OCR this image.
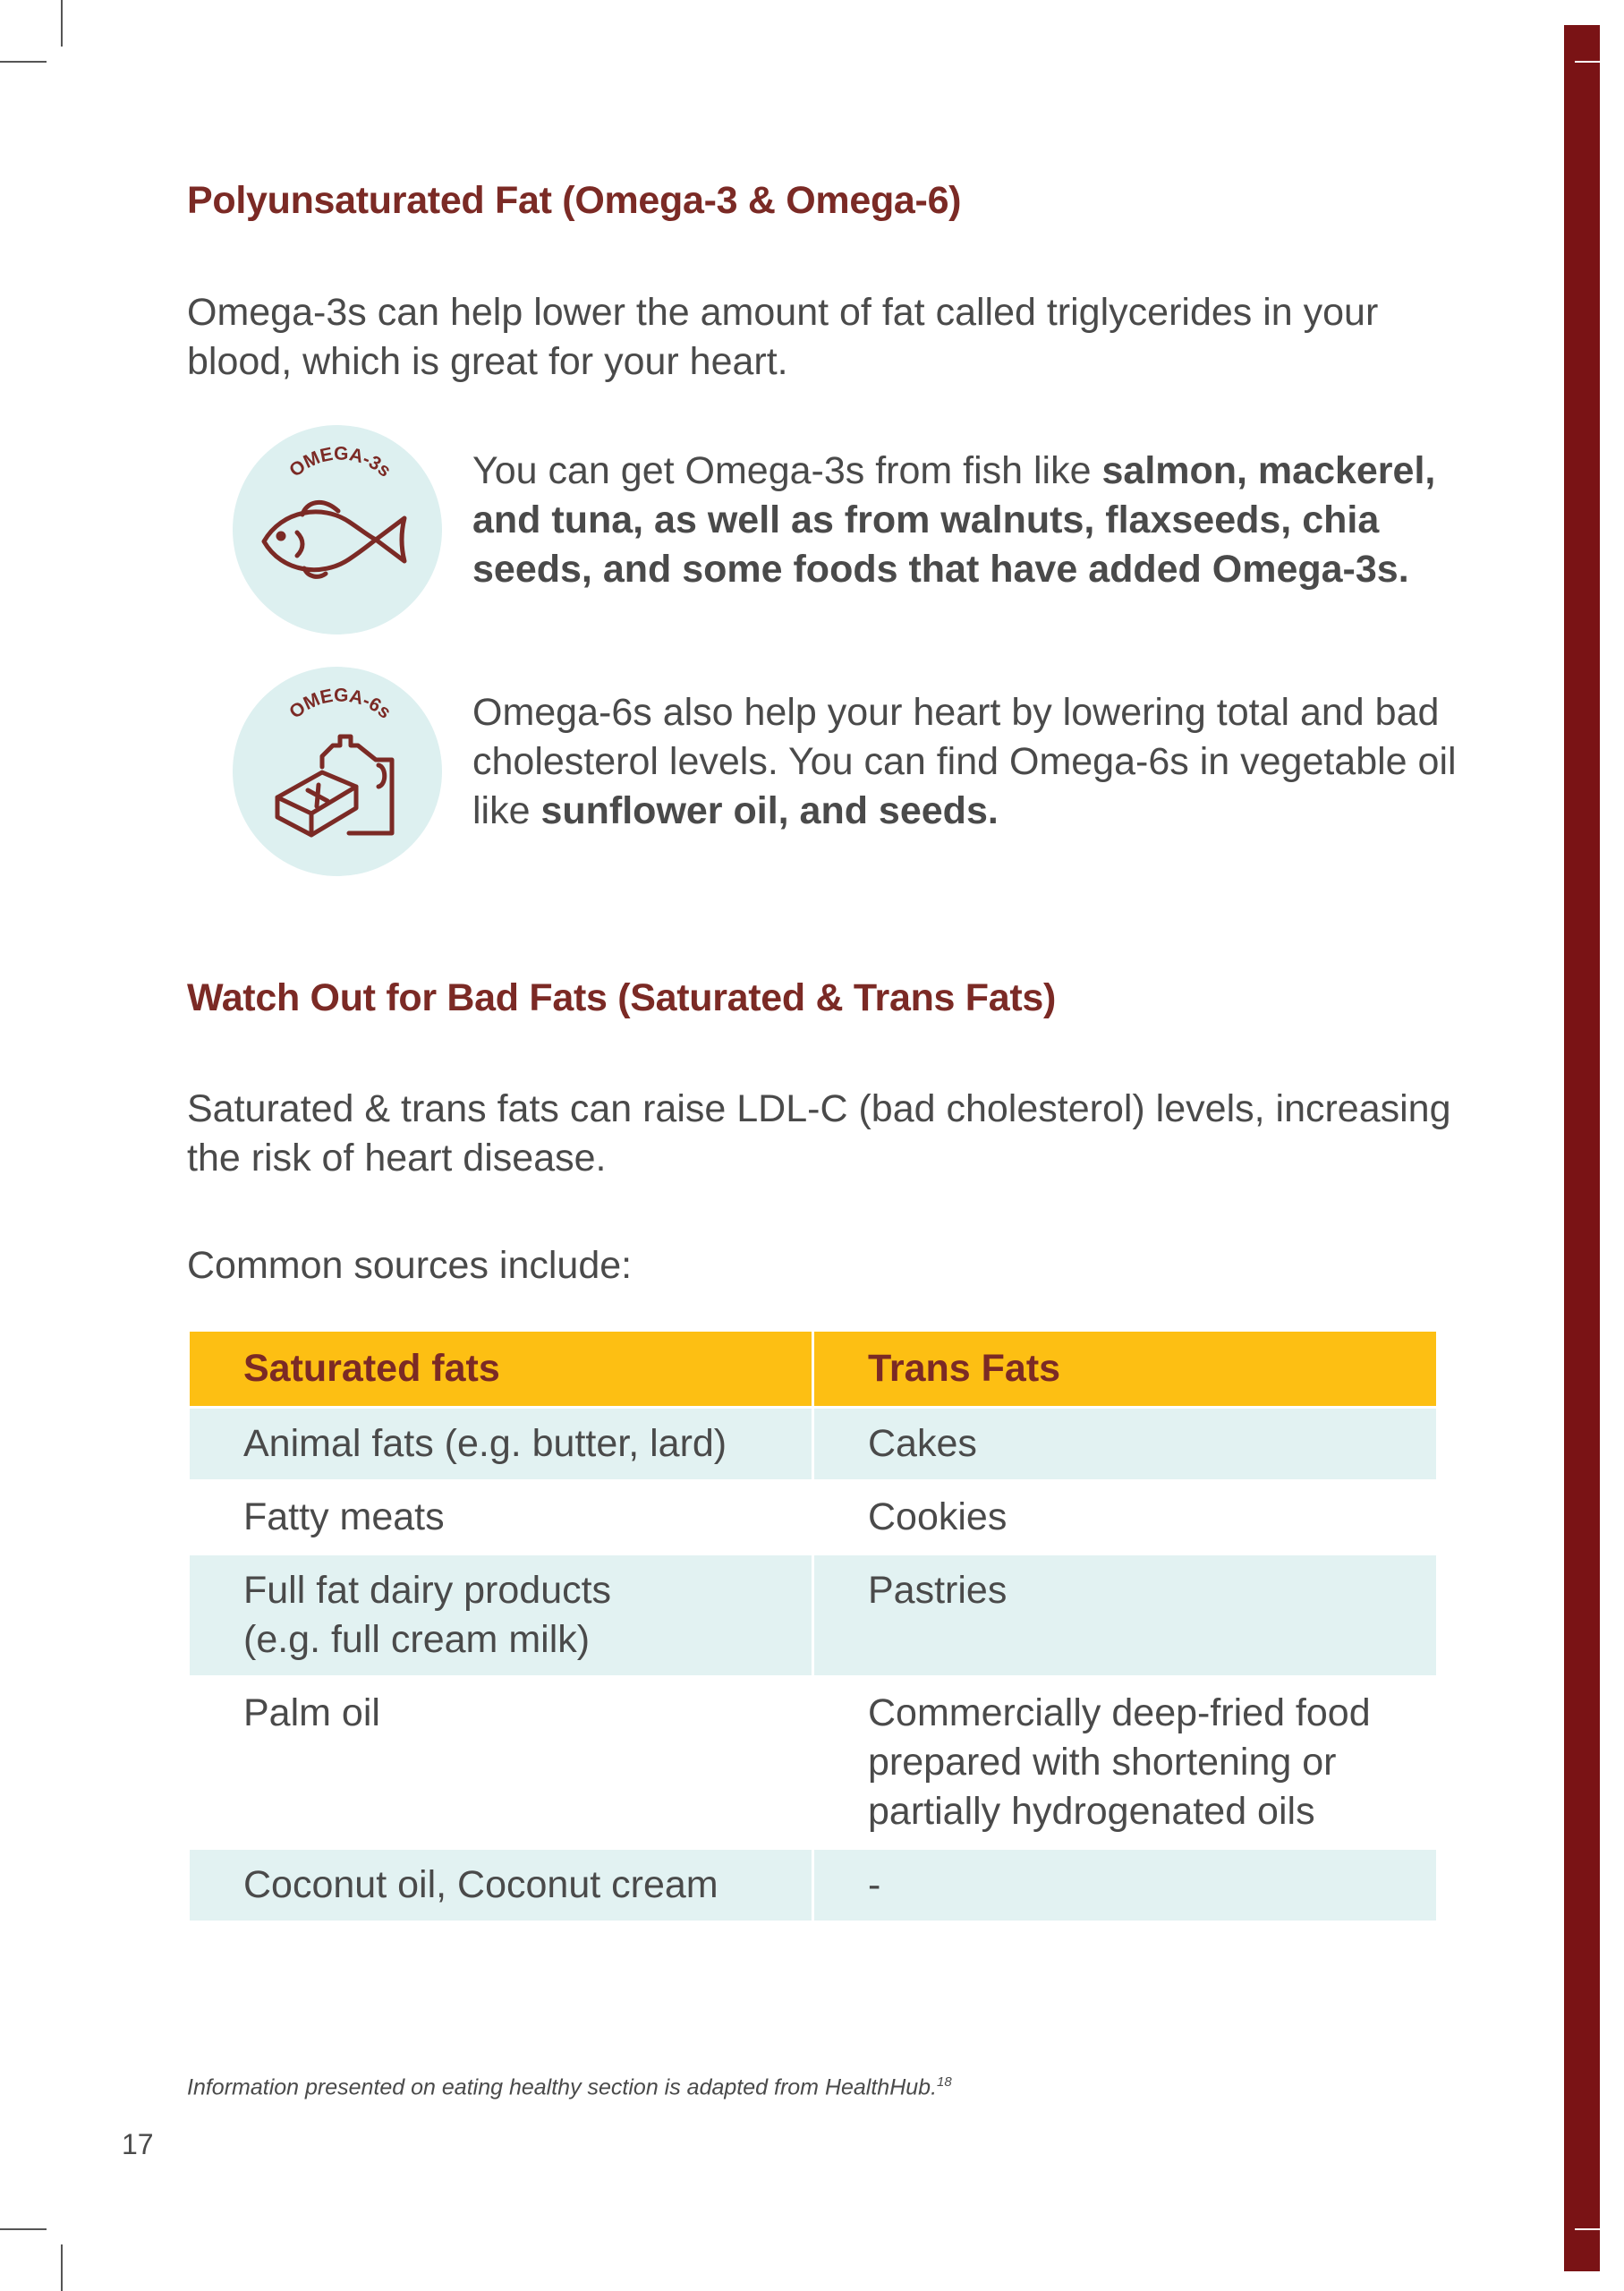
Polyunsaturated Fat (Omega-3 & Omega-6)

Omega-3s can help lower the amount of fat called triglycerides in your blood, which is great for your heart.

OMEGA-3s You can get Omega-3s from fish like salmon, mackerel, and tuna, as well as from walnuts, flaxseeds, chia seeds, and some foods that have added Omega-3s.

OMEGA-6s Omega-6s also help your heart by lowering total and bad cholesterol levels. You can find Omega-6s in vegetable oil like sunflower oil, and seeds.

Watch Out for Bad Fats (Saturated & Trans Fats)

Saturated & trans fats can raise LDL-C (bad cholesterol) levels, increasing the risk of heart disease.

Common sources include:

Saturated fats	Trans Fats
Animal fats (e.g. butter, lard)	Cakes
Fatty meats	Cookies
Full fat dairy products
(e.g. full cream milk)	Pastries
Palm oil	Commercially deep-fried food
prepared with shortening or
partially hydrogenated oils
Coconut oil, Coconut cream	-

Information presented on eating healthy section is adapted from HealthHub.$^{18}$

17
